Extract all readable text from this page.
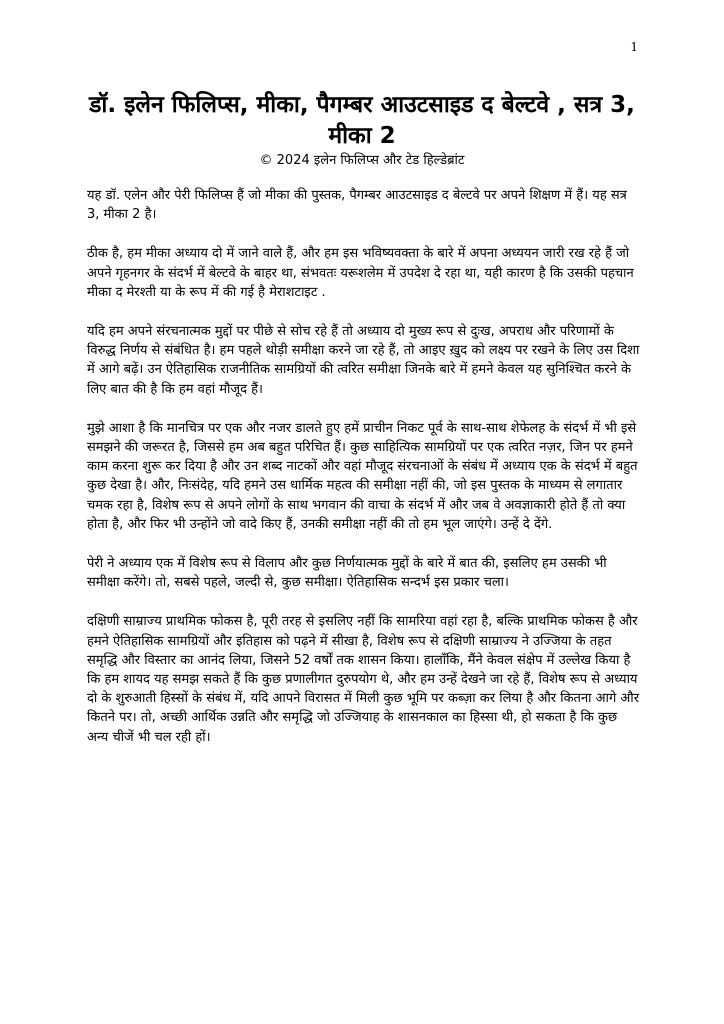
1
डॉ. इलेन फिलिप्स, मीका, पैगम्बर आउटसाइड द बेल्टवे , सत्र 3, मीका 2

© 2024 इलेन फिलिप्स और टेड हिल्डेब्रांट

यह डॉ. एलेन और पेरी फिलिप्स हैं जो मीका की पुस्तक, पैगम्बर आउटसाइड द बेल्टवे पर अपने शिक्षण में हैं। यह सत्र 3, मीका 2 है।

ठीक है, हम मीका अध्याय दो में जाने वाले हैं, और हम इस भविष्यवक्ता के बारे में अपना अध्ययन जारी रख रहे हैं जो अपने गृहनगर के संदर्भ में बेल्टवे के बाहर था, संभवतः यरूशलेम में उपदेश दे रहा था, यही कारण है कि उसकी पहचान मीका द मेरश्ती या के रूप में की गई है मेराशटाइट .

यदि हम अपने संरचनात्मक मुद्दों पर पीछे से सोच रहे हैं तो अध्याय दो मुख्य रूप से दुःख, अपराध और परिणामों के विरुद्ध निर्णय से संबंधित है। हम पहले थोड़ी समीक्षा करने जा रहे हैं, तो आइए ख़ुद को लक्ष्य पर रखने के लिए उस दिशा में आगे बढ़ें। उन ऐतिहासिक राजनीतिक सामग्रियों की त्वरित समीक्षा जिनके बारे में हमने केवल यह सुनिश्चित करने के लिए बात की है कि हम वहां मौजूद हैं।

मुझे आशा है कि मानचित्र पर एक और नजर डालते हुए हमें प्राचीन निकट पूर्व के साथ-साथ शेफेलह के संदर्भ में भी इसे समझने की जरूरत है, जिससे हम अब बहुत परिचित हैं। कुछ साहित्यिक सामग्रियों पर एक त्वरित नज़र, जिन पर हमने काम करना शुरू कर दिया है और उन शब्द नाटकों और वहां मौजूद संरचनाओं के संबंध में अध्याय एक के संदर्भ में बहुत कुछ देखा है। और, निःसंदेह, यदि हमने उस धार्मिक महत्व की समीक्षा नहीं की, जो इस पुस्तक के माध्यम से लगातार चमक रहा है, विशेष रूप से अपने लोगों के साथ भगवान की वाचा के संदर्भ में और जब वे अवज्ञाकारी होते हैं तो क्या होता है, और फिर भी उन्होंने जो वादे किए हैं, उनकी समीक्षा नहीं की तो हम भूल जाएंगे। उन्हें दे देंगे.

पेरी ने अध्याय एक में विशेष रूप से विलाप और कुछ निर्णयात्मक मुद्दों के बारे में बात की, इसलिए हम उसकी भी समीक्षा करेंगे। तो, सबसे पहले, जल्दी से, कुछ समीक्षा। ऐतिहासिक सन्दर्भ इस प्रकार चला।

दक्षिणी साम्राज्य प्राथमिक फोकस है, पूरी तरह से इसलिए नहीं कि सामरिया वहां रहा है, बल्कि प्राथमिक फोकस है और हमने ऐतिहासिक सामग्रियों और इतिहास को पढ़ने में सीखा है, विशेष रूप से दक्षिणी साम्राज्य ने उज्जिया के तहत समृद्धि और विस्तार का आनंद लिया, जिसने 52 वर्षों तक शासन किया। हालाँकि, मैंने केवल संक्षेप में उल्लेख किया है कि हम शायद यह समझ सकते हैं कि कुछ प्रणालीगत दुरुपयोग थे, और हम उन्हें देखने जा रहे हैं, विशेष रूप से अध्याय दो के शुरुआती हिस्सों के संबंध में, यदि आपने विरासत में मिली कुछ भूमि पर कब्ज़ा कर लिया है और कितना आगे और कितने पर। तो, अच्छी आर्थिक उन्नति और समृद्धि जो उज्जियाह के शासनकाल का हिस्सा थी, हो सकता है कि कुछ अन्य चीजें भी चल रही हों।
